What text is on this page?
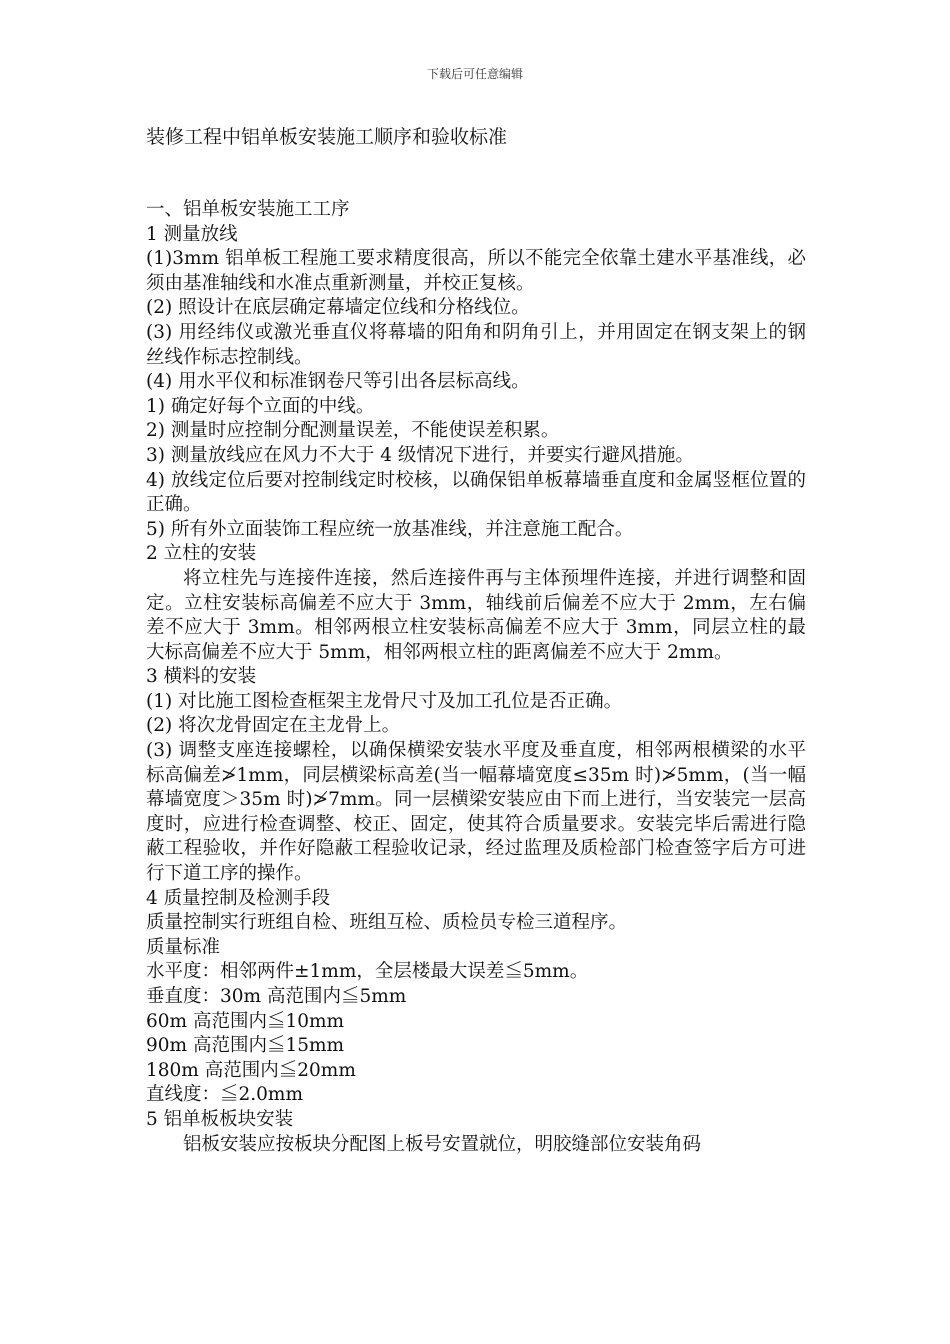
下载后可任意编辑
装修工程中铝单板安装施工顺序和验收标准

一、铝单板安装施工工序

1 测量放线

(1)3mm 铝单板工程施工要求精度很高，所以不能完全依靠土建水平基准线，必须由基准轴线和水准点重新测量，并校正复核。

(2) 照设计在底层确定幕墙定位线和分格线位。

(3) 用经纬仪或激光垂直仪将幕墙的阳角和阴角引上，并用固定在钢支架上的钢丝线作标志控制线。

(4) 用水平仪和标准钢卷尺等引出各层标高线。

1) 确定好每个立面的中线。

2) 测量时应控制分配测量误差，不能使误差积累。

3) 测量放线应在风力不大于 4 级情况下进行，并要实行避风措施。

4) 放线定位后要对控制线定时校核，以确保铝单板幕墙垂直度和金属竖框位置的正确。

5) 所有外立面装饰工程应统一放基准线，并注意施工配合。

2 立柱的安装

将立柱先与连接件连接，然后连接件再与主体预埋件连接，并进行调整和固定。立柱安装标高偏差不应大于 3mm，轴线前后偏差不应大于 2mm，左右偏差不应大于 3mm。相邻两根立柱安装标高偏差不应大于 3mm，同层立柱的最大标高偏差不应大于 5mm，相邻两根立柱的距离偏差不应大于 2mm。

3 横料的安装

(1) 对比施工图检查框架主龙骨尺寸及加工孔位是否正确。

(2) 将次龙骨固定在主龙骨上。

(3) 调整支座连接螺栓，以确保横梁安装水平度及垂直度，相邻两根横梁的水平标高偏差≯1mm，同层横梁标高差(当一幅幕墙宽度≤35m 时)≯5mm，(当一幅幕墙宽度＞35m 时)≯7mm。同一层横梁安装应由下而上进行，当安装完一层高度时，应进行检查调整、校正、固定，使其符合质量要求。安装完毕后需进行隐蔽工程验收，并作好隐蔽工程验收记录，经过监理及质检部门检查签字后方可进行下道工序的操作。

4 质量控制及检测手段

质量控制实行班组自检、班组互检、质检员专检三道程序。

质量标准

水平度：相邻两件±1mm，全层楼最大误差≦5mm。

垂直度：30m 高范围内≦5mm

60m 高范围内≦10mm

90m 高范围内≦15mm

180m 高范围内≦20mm

直线度：≦2.0mm

5 铝单板板块安装

铝板安装应按板块分配图上板号安置就位，明胶缝部位安装角码
